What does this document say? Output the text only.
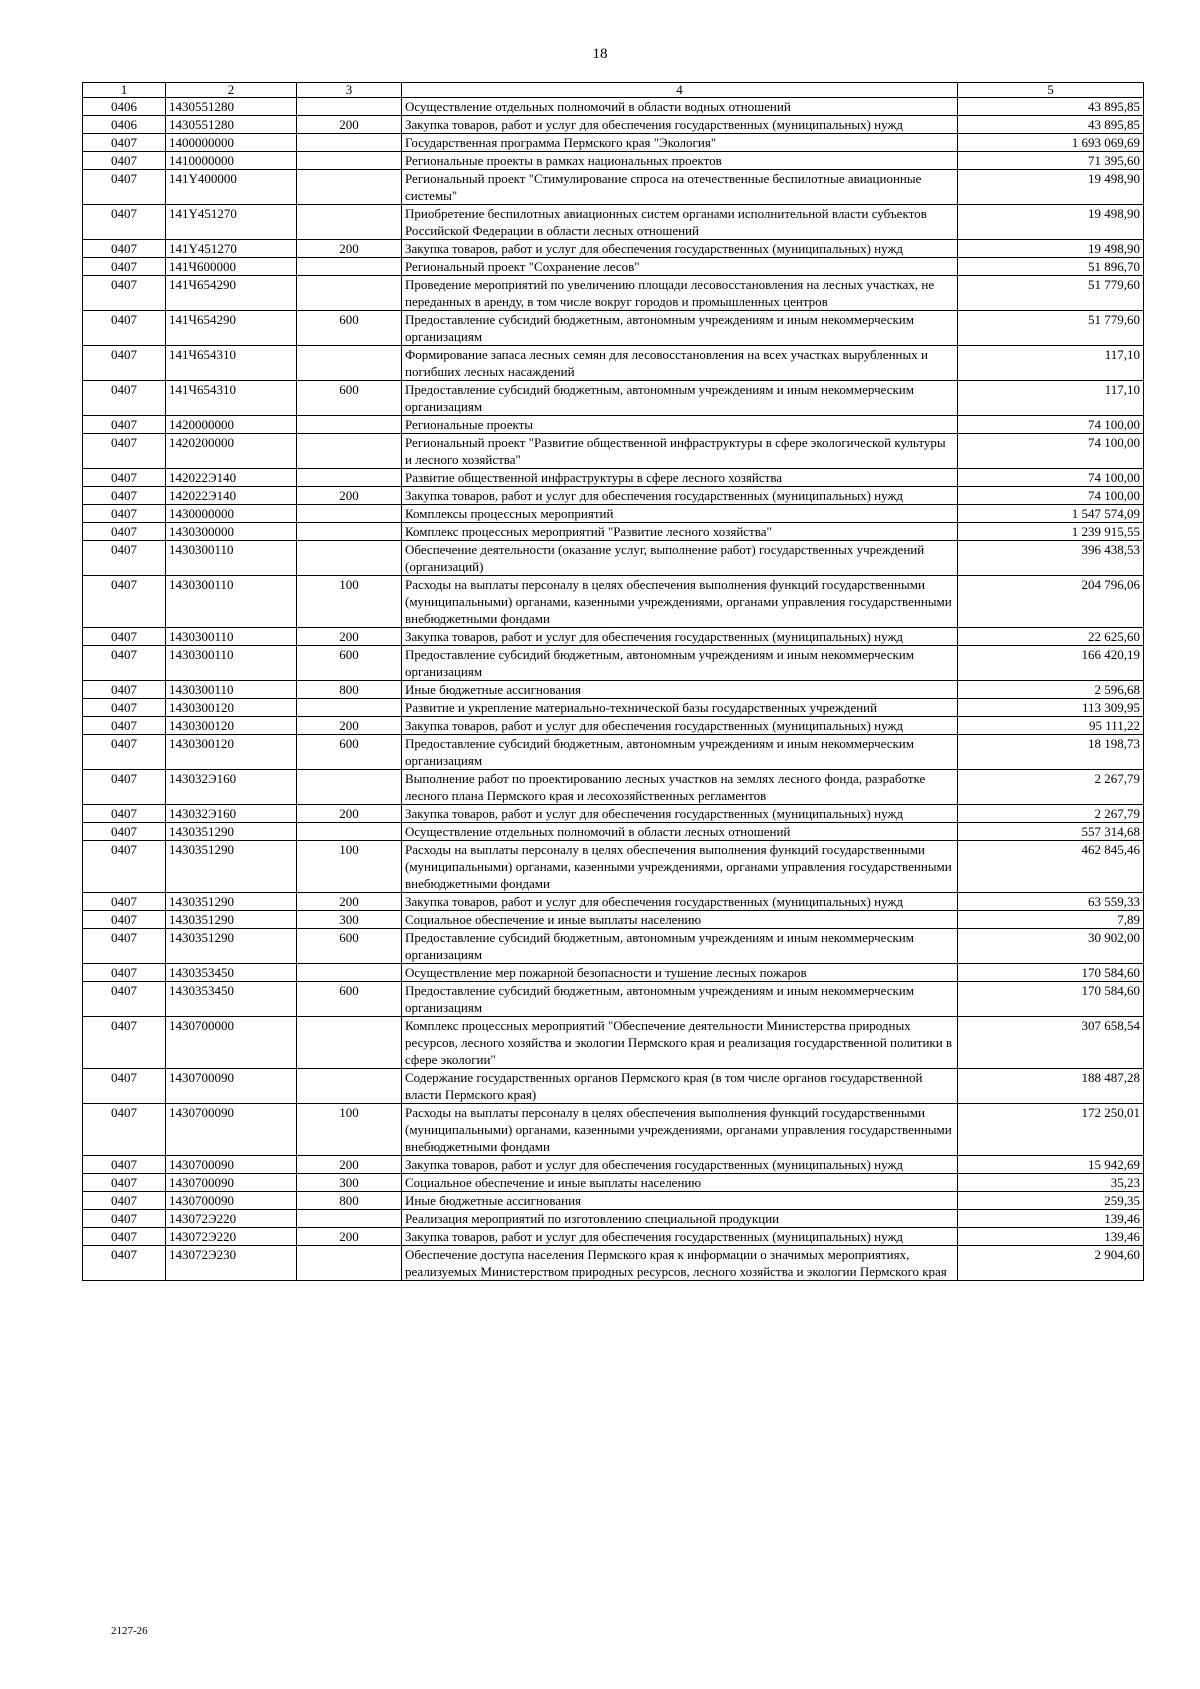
18
1	2	3	4	5
0406	1430551280		Осуществление отдельных полномочий в области водных отношений	43 895,85
0406	1430551280	200	Закупка товаров, работ и услуг для обеспечения государственных (муниципальных) нужд	43 895,85
0407	1400000000		Государственная программа Пермского края "Экология"	1 693 069,69
0407	1410000000		Региональные проекты в рамках национальных проектов	71 395,60
0407	141Y400000		Региональный проект "Стимулирование спроса на отечественные беспилотные авиационные системы"	19 498,90
0407	141Y451270		Приобретение беспилотных авиационных систем органами исполнительной власти субъектов Российской Федерации в области лесных отношений	19 498,90
0407	141Y451270	200	Закупка товаров, работ и услуг для обеспечения государственных (муниципальных) нужд	19 498,90
0407	141Ч600000		Региональный проект "Сохранение лесов"	51 896,70
0407	141Ч654290		Проведение мероприятий по увеличению площади лесовосстановления на лесных участках, не переданных в аренду, в том числе вокруг городов и промышленных центров	51 779,60
0407	141Ч654290	600	Предоставление субсидий бюджетным, автономным учреждениям и иным некоммерческим организациям	51 779,60
0407	141Ч654310		Формирование запаса лесных семян для лесовосстановления на всех участках вырубленных и погибших лесных насаждений	117,10
0407	141Ч654310	600	Предоставление субсидий бюджетным, автономным учреждениям и иным некоммерческим организациям	117,10
0407	1420000000		Региональные проекты	74 100,00
0407	1420200000		Региональный проект "Развитие общественной инфраструктуры в сфере экологической культуры и лесного хозяйства"	74 100,00
0407	142022Э140		Развитие общественной инфраструктуры в сфере лесного хозяйства	74 100,00
0407	142022Э140	200	Закупка товаров, работ и услуг для обеспечения государственных (муниципальных) нужд	74 100,00
0407	1430000000		Комплексы процессных мероприятий	1 547 574,09
0407	1430300000		Комплекс процессных мероприятий "Развитие лесного хозяйства"	1 239 915,55
0407	1430300110		Обеспечение деятельности (оказание услуг, выполнение работ) государственных учреждений (организаций)	396 438,53
0407	1430300110	100	Расходы на выплаты персоналу в целях обеспечения выполнения функций государственными (муниципальными) органами, казенными учреждениями, органами управления государственными внебюджетными фондами	204 796,06
0407	1430300110	200	Закупка товаров, работ и услуг для обеспечения государственных (муниципальных) нужд	22 625,60
0407	1430300110	600	Предоставление субсидий бюджетным, автономным учреждениям и иным некоммерческим организациям	166 420,19
0407	1430300110	800	Иные бюджетные ассигнования	2 596,68
0407	1430300120		Развитие и укрепление материально-технической базы государственных учреждений	113 309,95
0407	1430300120	200	Закупка товаров, работ и услуг для обеспечения государственных (муниципальных) нужд	95 111,22
0407	1430300120	600	Предоставление субсидий бюджетным, автономным учреждениям и иным некоммерческим организациям	18 198,73
0407	143032Э160		Выполнение работ по проектированию лесных участков на землях лесного фонда, разработке лесного плана Пермского края и лесохозяйственных регламентов	2 267,79
0407	143032Э160	200	Закупка товаров, работ и услуг для обеспечения государственных (муниципальных) нужд	2 267,79
0407	1430351290		Осуществление отдельных полномочий в области лесных отношений	557 314,68
0407	1430351290	100	Расходы на выплаты персоналу в целях обеспечения выполнения функций государственными (муниципальными) органами, казенными учреждениями, органами управления государственными внебюджетными фондами	462 845,46
0407	1430351290	200	Закупка товаров, работ и услуг для обеспечения государственных (муниципальных) нужд	63 559,33
0407	1430351290	300	Социальное обеспечение и иные выплаты населению	7,89
0407	1430351290	600	Предоставление субсидий бюджетным, автономным учреждениям и иным некоммерческим организациям	30 902,00
0407	1430353450		Осуществление мер пожарной безопасности и тушение лесных пожаров	170 584,60
0407	1430353450	600	Предоставление субсидий бюджетным, автономным учреждениям и иным некоммерческим организациям	170 584,60
0407	1430700000		Комплекс процессных мероприятий "Обеспечение деятельности Министерства природных ресурсов, лесного хозяйства и экологии Пермского края и реализация государственной политики в сфере экологии"	307 658,54
0407	1430700090		Содержание государственных органов Пермского края (в том числе органов государственной власти Пермского края)	188 487,28
0407	1430700090	100	Расходы на выплаты персоналу в целях обеспечения выполнения функций государственными (муниципальными) органами, казенными учреждениями, органами управления государственными внебюджетными фондами	172 250,01
0407	1430700090	200	Закупка товаров, работ и услуг для обеспечения государственных (муниципальных) нужд	15 942,69
0407	1430700090	300	Социальное обеспечение и иные выплаты населению	35,23
0407	1430700090	800	Иные бюджетные ассигнования	259,35
0407	143072Э220		Реализация мероприятий по изготовлению специальной продукции	139,46
0407	143072Э220	200	Закупка товаров, работ и услуг для обеспечения государственных (муниципальных) нужд	139,46
0407	143072Э230		Обеспечение доступа населения Пермского края к информации о значимых мероприятиях, реализуемых Министерством природных ресурсов, лесного хозяйства и экологии Пермского края	2 904,60
2127-26
